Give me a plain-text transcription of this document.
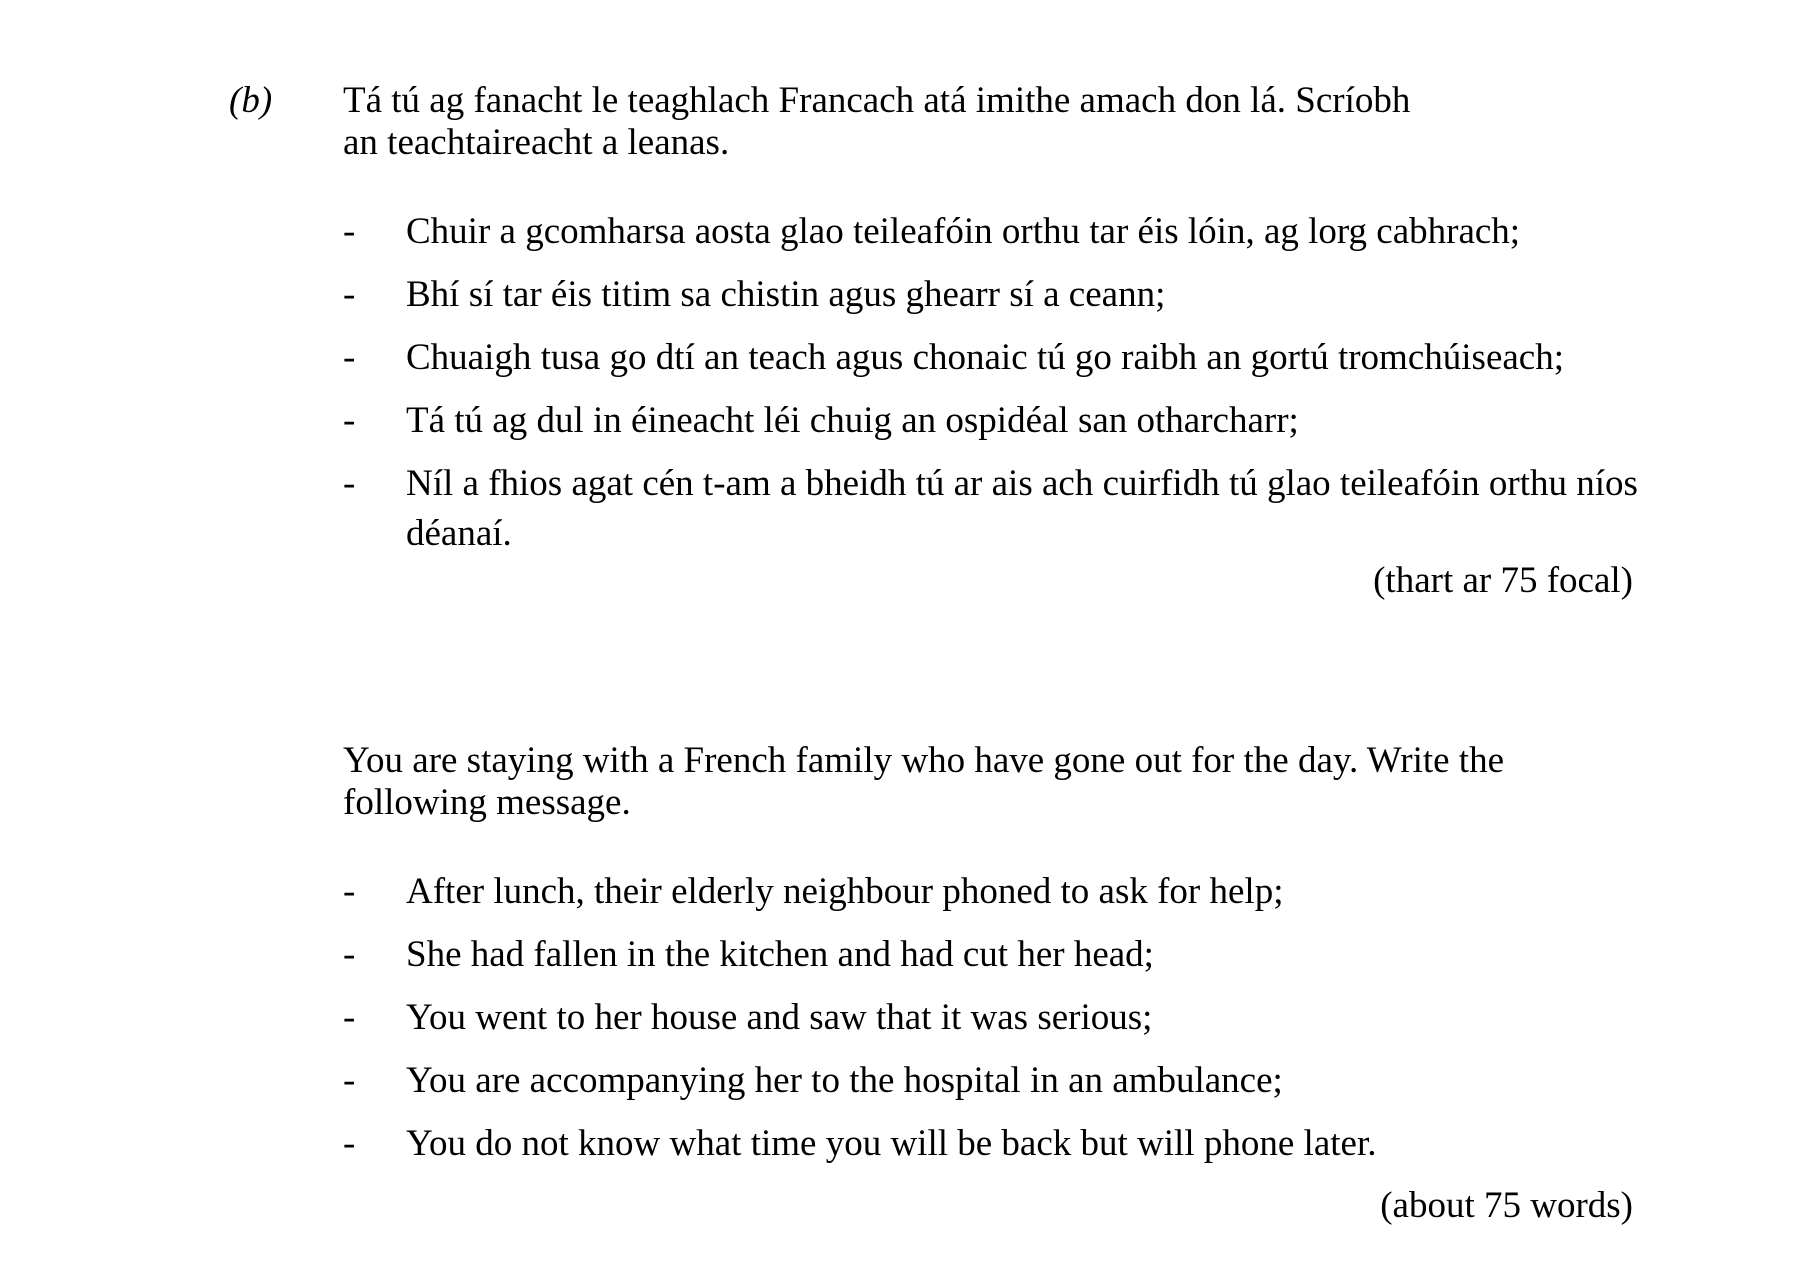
(b) Tá tú ag fanacht le teaghlach Francach atá imithe amach don lá. Scríobh
an teachtaireacht a leanas.
- Chuir a gcomharsa aosta glao teileafóin orthu tar éis lóin, ag lorg cabhrach;
- Bhí sí tar éis titim sa chistin agus ghearr sí a ceann;
- Chuaigh tusa go dtí an teach agus chonaic tú go raibh an gortú tromchúiseach;
- Tá tú ag dul in éineacht léi chuig an ospidéal san otharcharr;
- Níl a fhios agat cén t-am a bheidh tú ar ais ach cuirfidh tú glao teileafóin orthu níos déanaí.
(thart ar 75 focal)
You are staying with a French family who have gone out for the day. Write the
following message.
- After lunch, their elderly neighbour phoned to ask for help;
- She had fallen in the kitchen and had cut her head;
- You went to her house and saw that it was serious;
- You are accompanying her to the hospital in an ambulance;
- You do not know what time you will be back but will phone later.
(about 75 words)
